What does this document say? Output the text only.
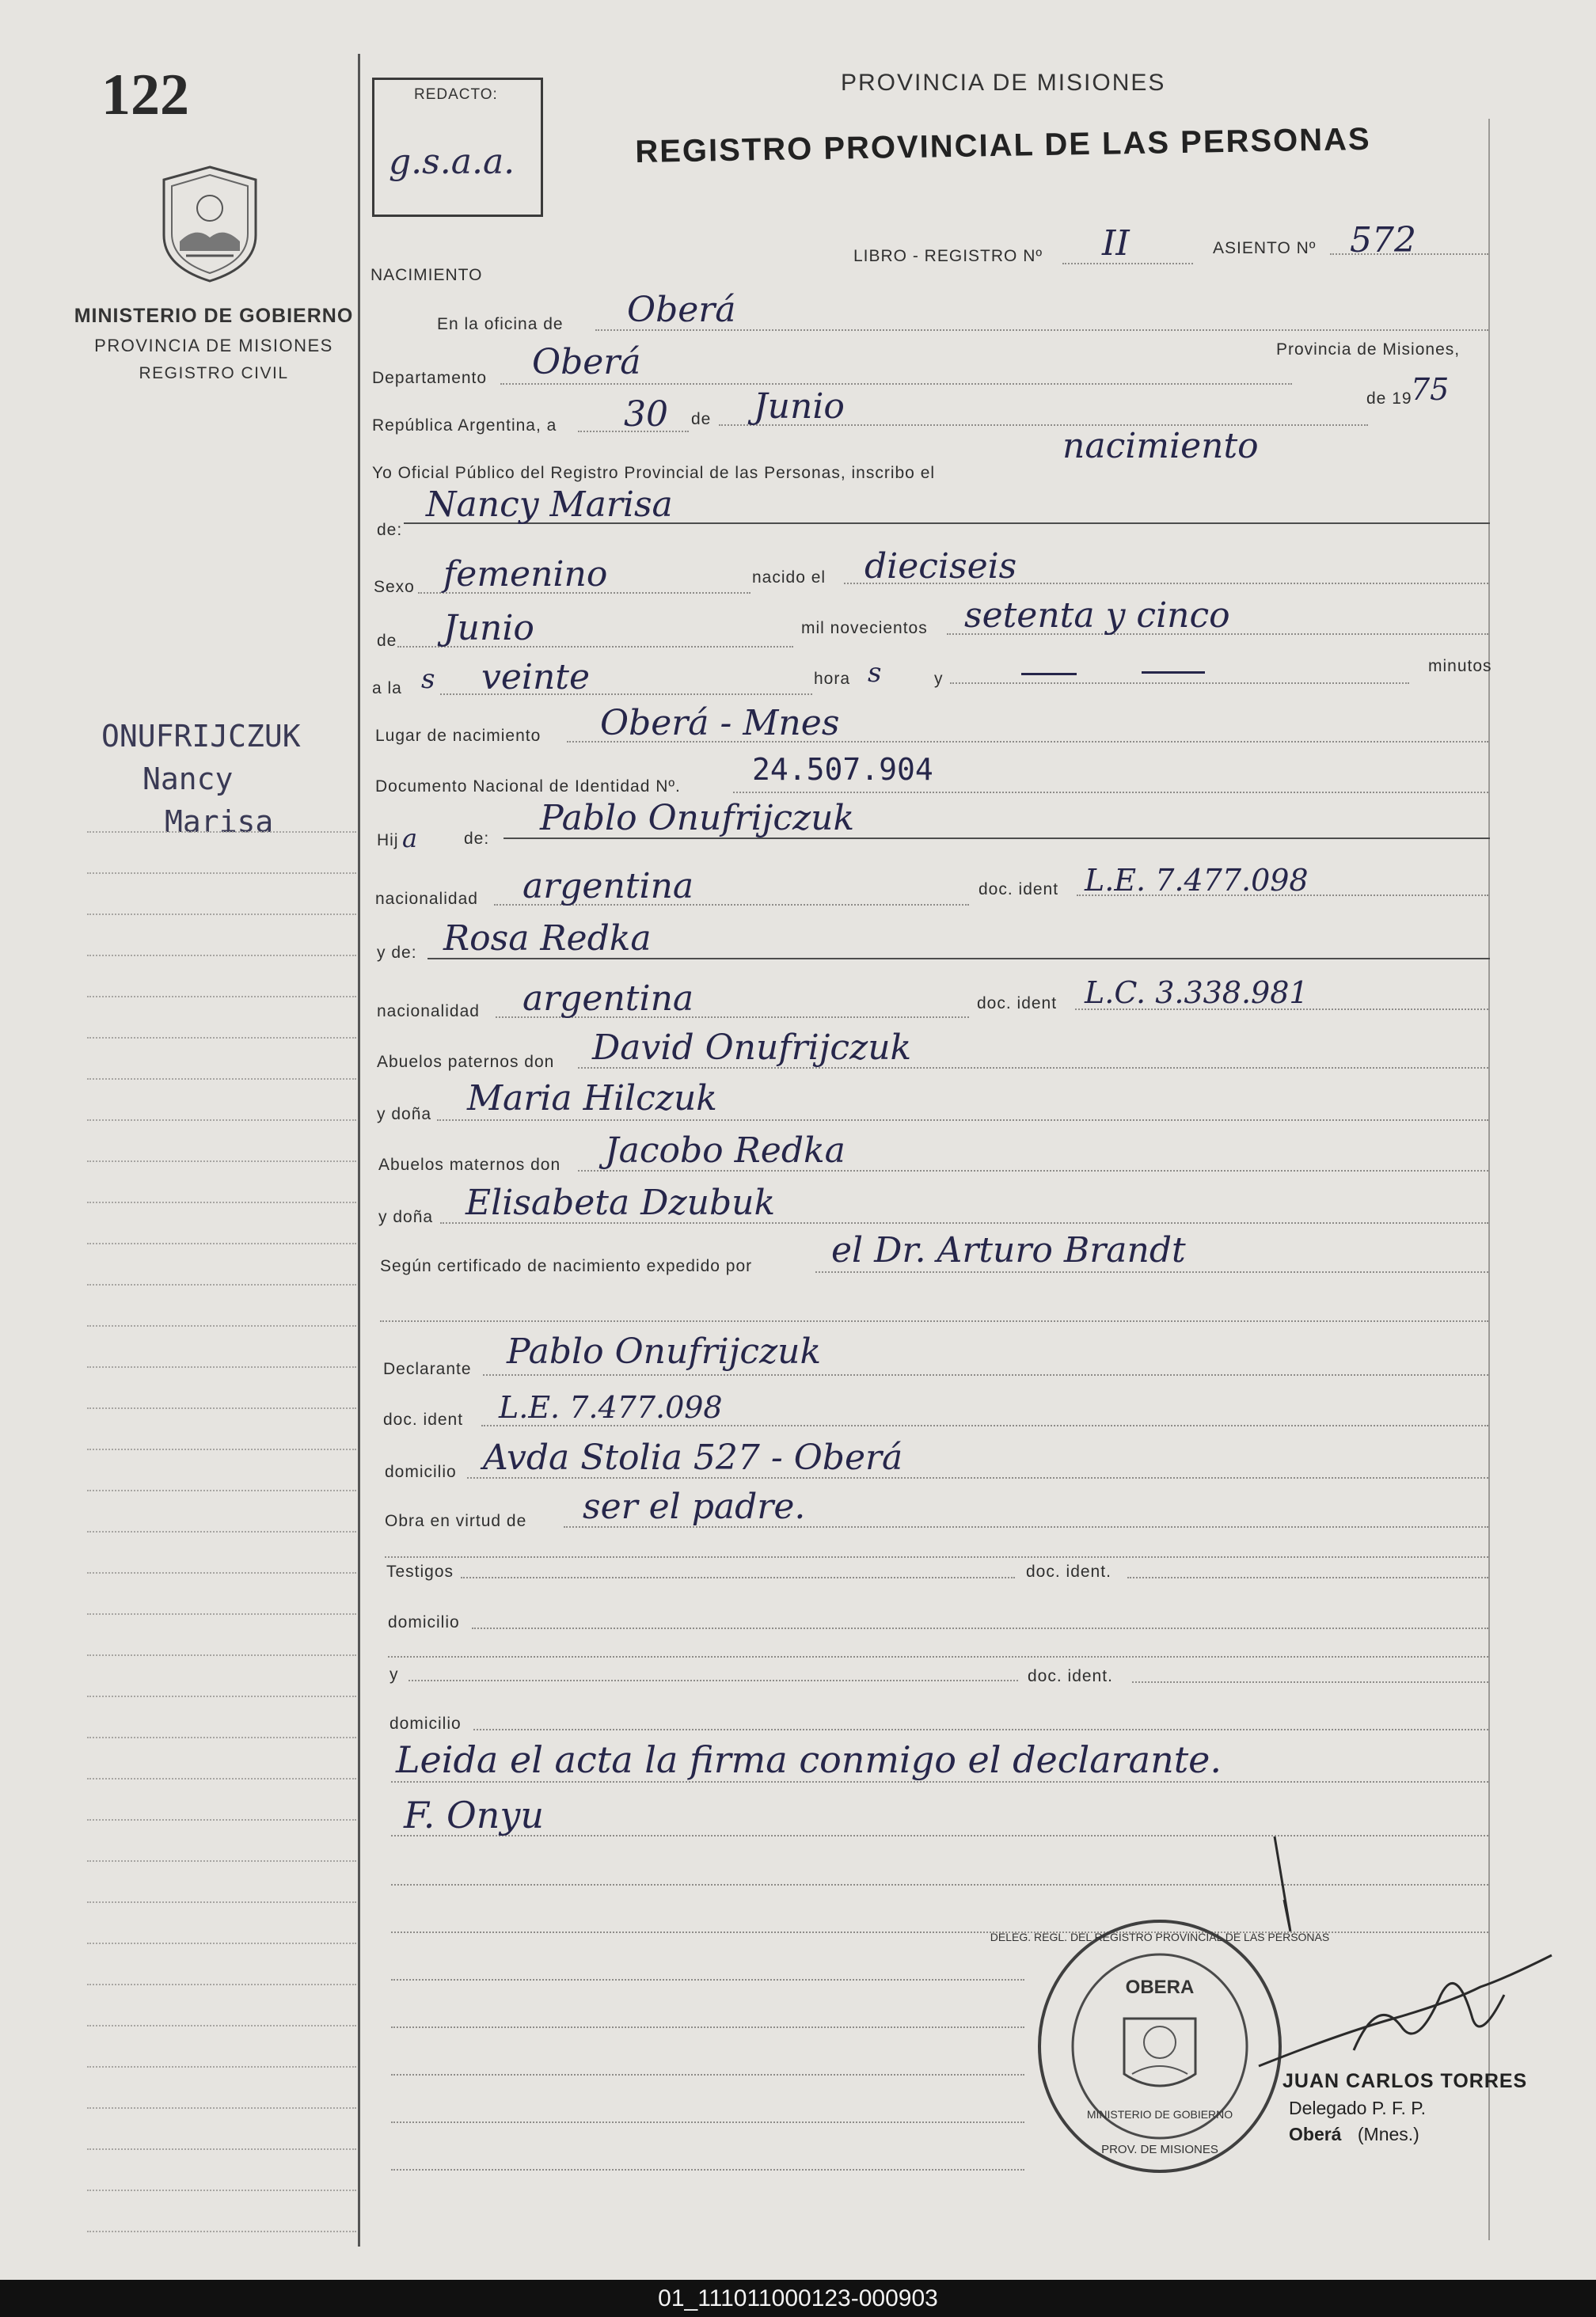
122
MINISTERIO DE GOBIERNO
PROVINCIA DE MISIONES
REGISTRO CIVIL
ONUFRIJCZUK
Nancy
Marisa
REDACTO:
g.s.a.a.
PROVINCIA DE MISIONES
REGISTRO PROVINCIAL DE LAS PERSONAS
NACIMIENTO
LIBRO - REGISTRO Nº II	ASIENTO Nº 572
En la oficina de Oberá
Departamento Oberá	Provincia de Misiones,
República Argentina, a 30 de Junio	de 19
75
Yo Oficial Público del Registro Provincial de las Personas, inscribo el
nacimiento
de:
Nancy Marisa
Sexo femenino	nacido el dieciseis
de Junio	mil novecientos setenta y cinco
a la s veinte	hora s	y
minutos
Lugar de nacimiento Oberá - Mnes
Documento Nacional de Identidad Nº. 24.507.904
Hij a	de:
Pablo Onufrijczuk
nacionalidad argentina	doc. ident L.E. 7.477.098
y de: Rosa Redka
nacionalidad argentina	doc. ident L.C. 3.338.981
Abuelos paternos don David Onufrijczuk
y doña Maria Hilczuk
Abuelos maternos don Jacobo Redka
y doña Elisabeta Dzubuk
Según certificado de nacimiento expedido por el Dr. Arturo Brandt
Declarante Pablo Onufrijczuk
doc. ident L.E. 7.477.098
domicilio Avda Stolia 527 - Oberá
Obra en virtud de ser el padre.
Testigos	doc. ident.
domicilio
y	doc. ident.
domicilio
Leida el acta la firma conmigo el declarante.
F. Onyu
DELEG. REGL. DEL REGISTRO PROVINCIAL DE LAS PERSONAS
OBERA
MINISTERIO DE GOBIERNO
PROV. DE MISIONES
JUAN CARLOS TORRES
Delegado P. F. P.
Oberá (Mnes.)
01_111011000123-000903
